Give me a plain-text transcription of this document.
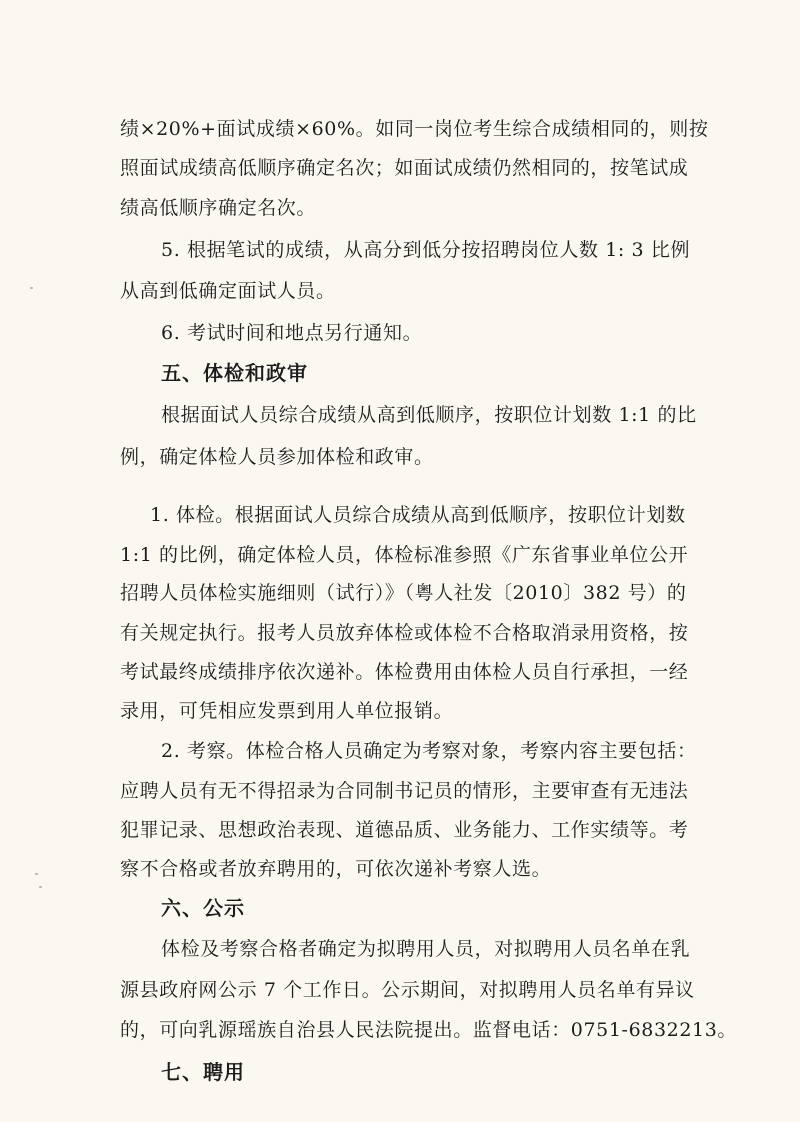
绩×20%+面试成绩×60%。如同一岗位考生综合成绩相同的，则按
照面试成绩高低顺序确定名次；如面试成绩仍然相同的，按笔试成
绩高低顺序确定名次。
5. 根据笔试的成绩，从高分到低分按招聘岗位人数 1: 3 比例
从高到低确定面试人员。
6. 考试时间和地点另行通知。
五、体检和政审
根据面试人员综合成绩从高到低顺序，按职位计划数 1:1 的比
例，确定体检人员参加体检和政审。
1. 体检。根据面试人员综合成绩从高到低顺序，按职位计划数
1:1 的比例，确定体检人员，体检标准参照《广东省事业单位公开
招聘人员体检实施细则（试行）》（粤人社发〔2010〕382 号）的
有关规定执行。报考人员放弃体检或体检不合格取消录用资格，按
考试最终成绩排序依次递补。体检费用由体检人员自行承担，一经
录用，可凭相应发票到用人单位报销。
2. 考察。体检合格人员确定为考察对象，考察内容主要包括：
应聘人员有无不得招录为合同制书记员的情形，主要审查有无违法
犯罪记录、思想政治表现、道德品质、业务能力、工作实绩等。考
察不合格或者放弃聘用的，可依次递补考察人选。
六、公示
体检及考察合格者确定为拟聘用人员，对拟聘用人员名单在乳
源县政府网公示 7 个工作日。公示期间，对拟聘用人员名单有异议
的，可向乳源瑶族自治县人民法院提出。监督电话：0751-6832213。
七、聘用
